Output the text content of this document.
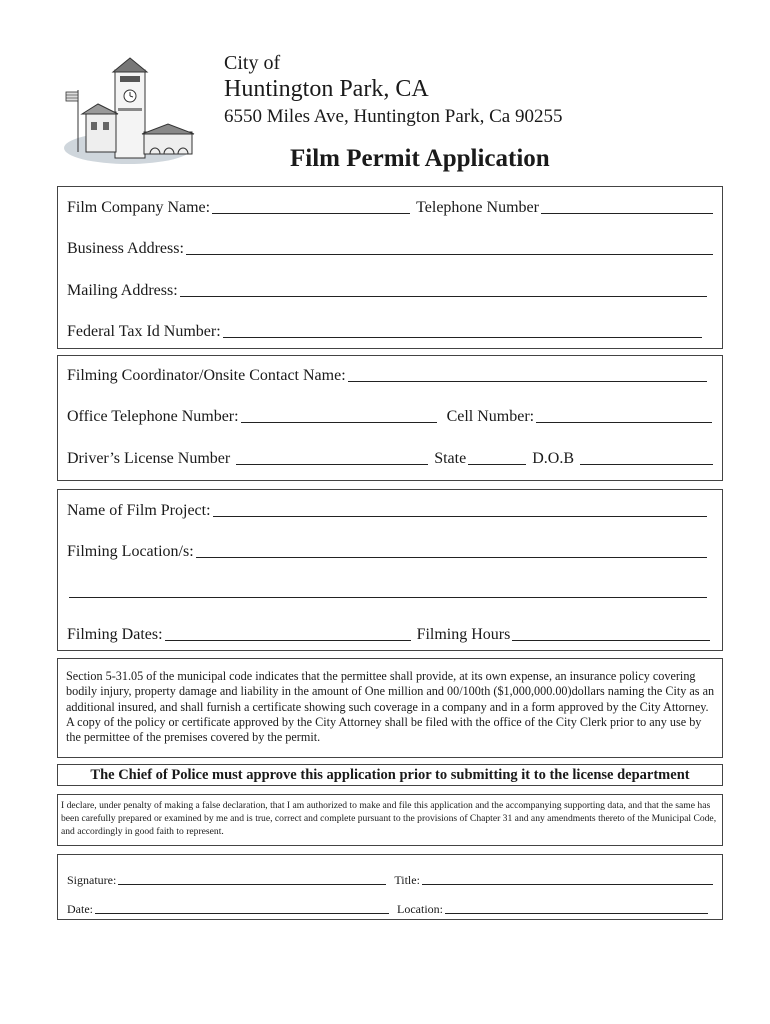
City of
Huntington Park, CA
6550 Miles Ave, Huntington Park, Ca 90255
Film Permit Application
Film Company Name:	Telephone Number
Business Address:
Mailing Address:
Federal Tax Id Number:
Filming Coordinator/Onsite Contact Name:
Office Telephone Number:	Cell Number:
Driver’s License Number	State	D.O.B
Name of Film Project:
Filming Location/s:
Filming Dates:	Filming Hours
Section 5-31.05 of the municipal code indicates that the permittee shall provide, at its own expense, an insurance policy covering bodily injury, property damage and liability in the amount of One million and 00/100th ($1,000,000.00)dollars naming the City as an additional insured, and shall furnish a certificate showing such coverage in a company and in a form approved by the City Attorney. A copy of the policy or certificate approved by the City Attorney shall be filed with the office of the City Clerk prior to any use by the permittee of the premises covered by the permit.
The Chief of Police must approve this application prior to submitting it to the license department
I declare, under penalty of making a false declaration, that I am authorized to make and file this application and the accompanying supporting data, and that the same has been carefully prepared or examined by me and is true, correct and complete pursuant to the provisions of Chapter 31 and any amendments thereto of the Municipal Code, and accordingly in good faith to represent.
Signature:	Title:
Date:	Location:
